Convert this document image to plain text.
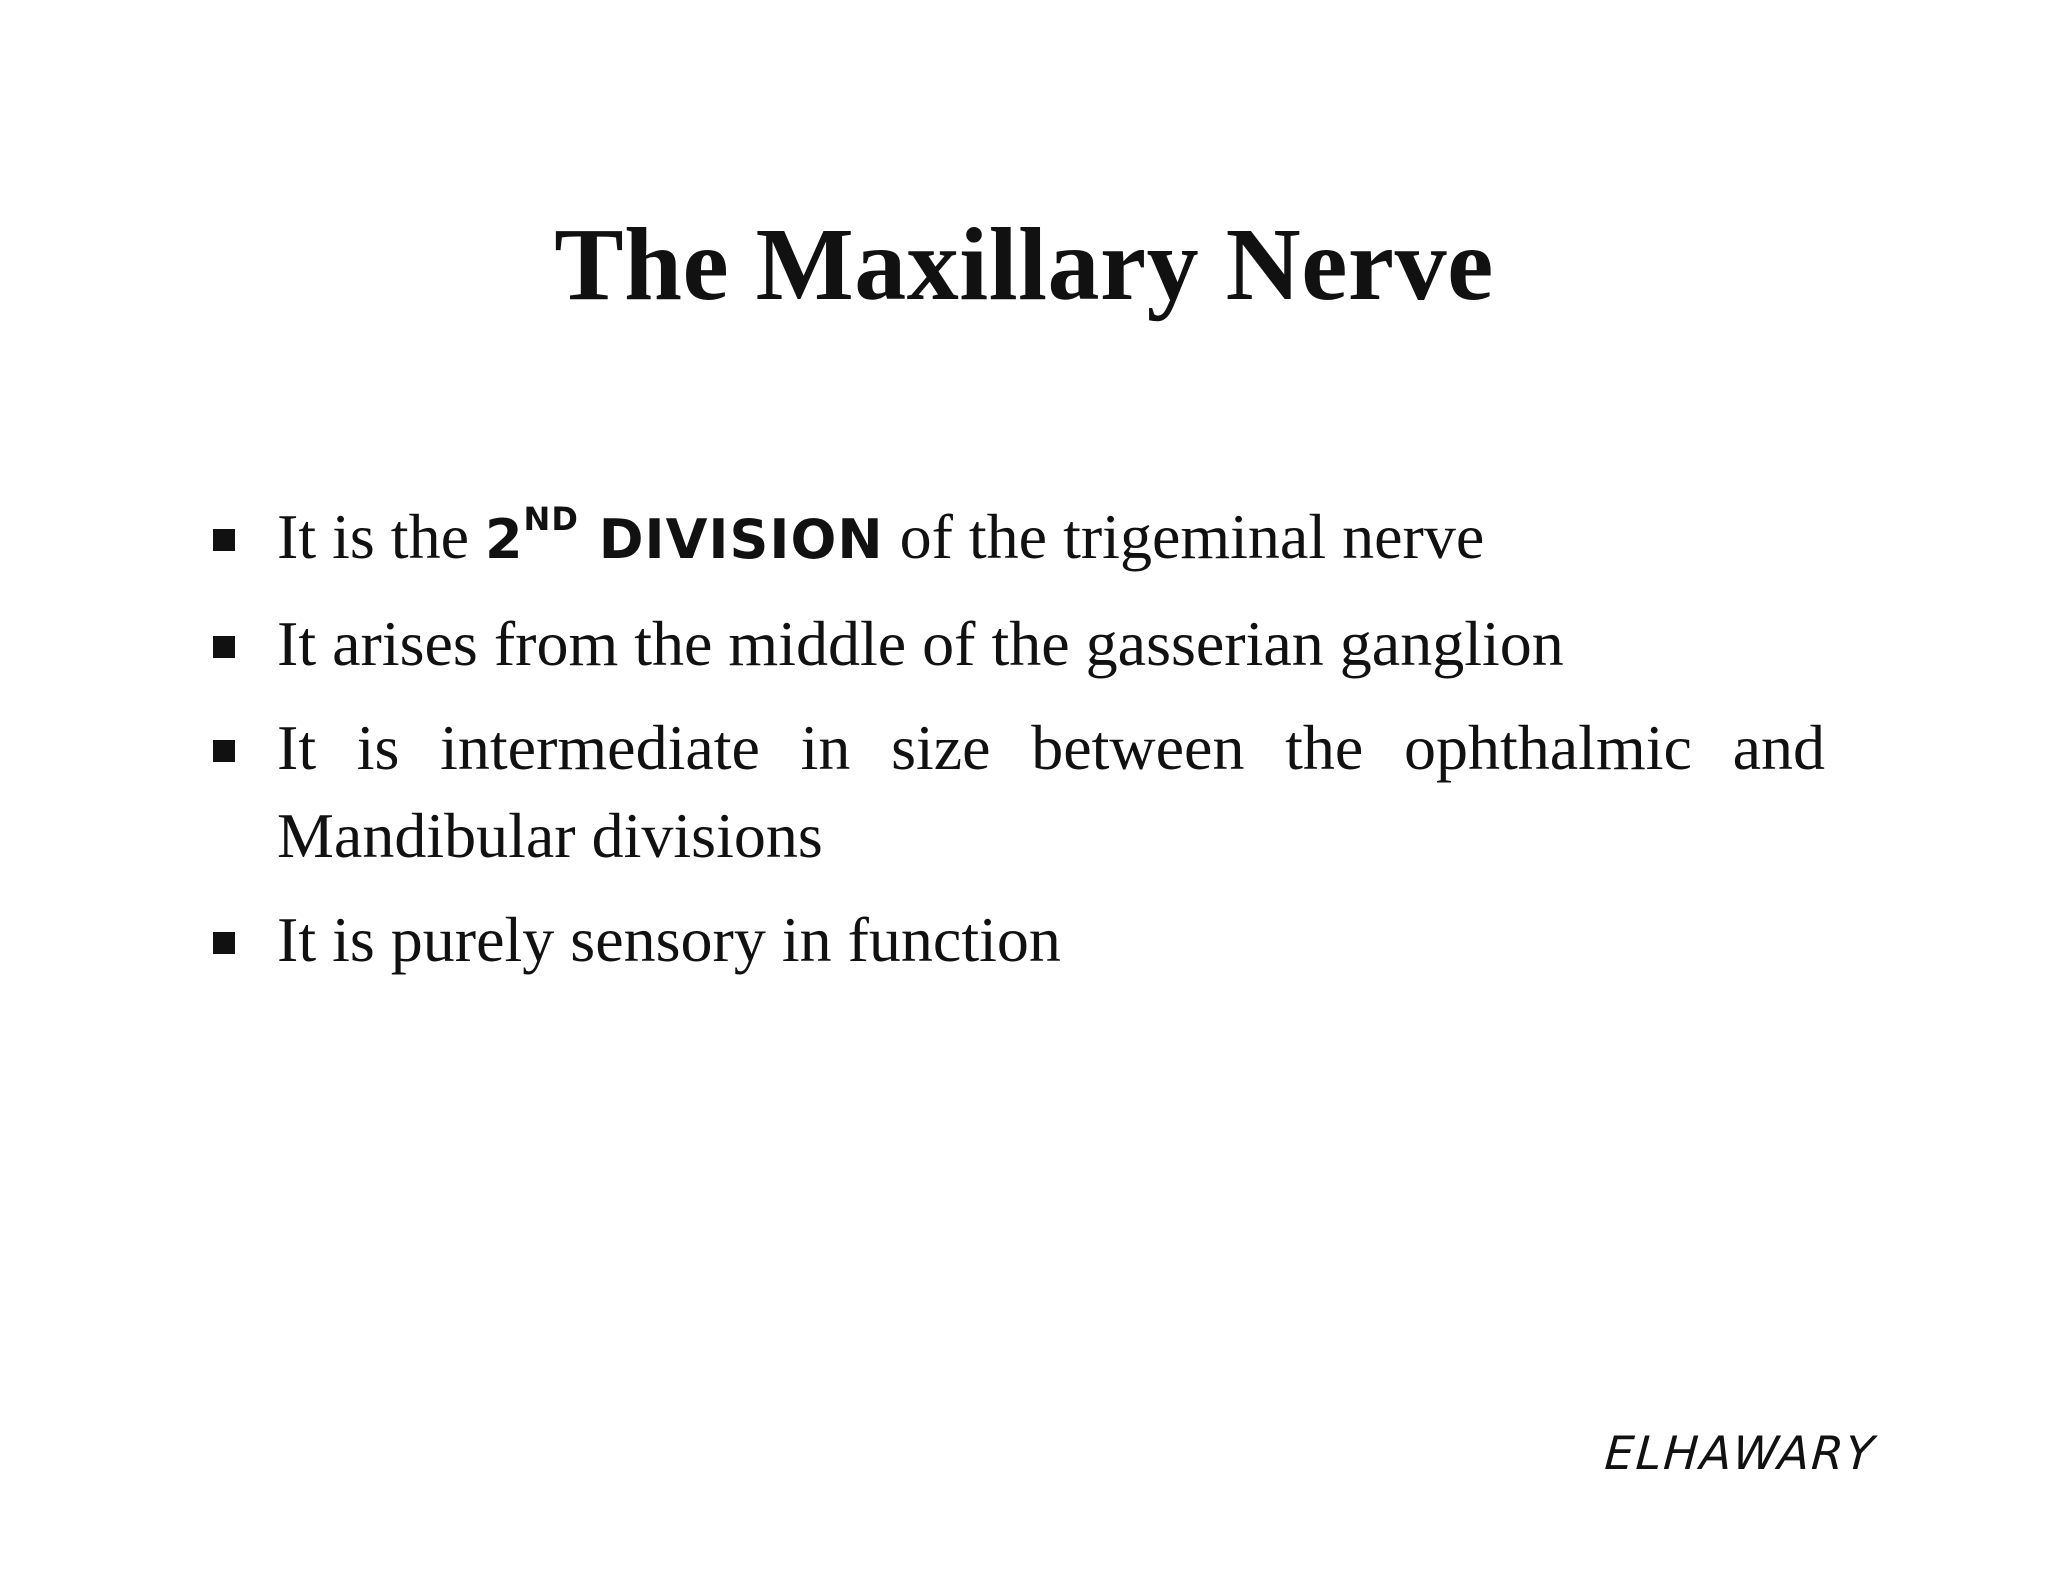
The Maxillary Nerve
It is the 2ND DIVISION of the trigeminal nerve
It arises from the middle of the gasserian ganglion
It is intermediate in size between the ophthalmic and Mandibular divisions
It is purely sensory in function
ELHAWARY
